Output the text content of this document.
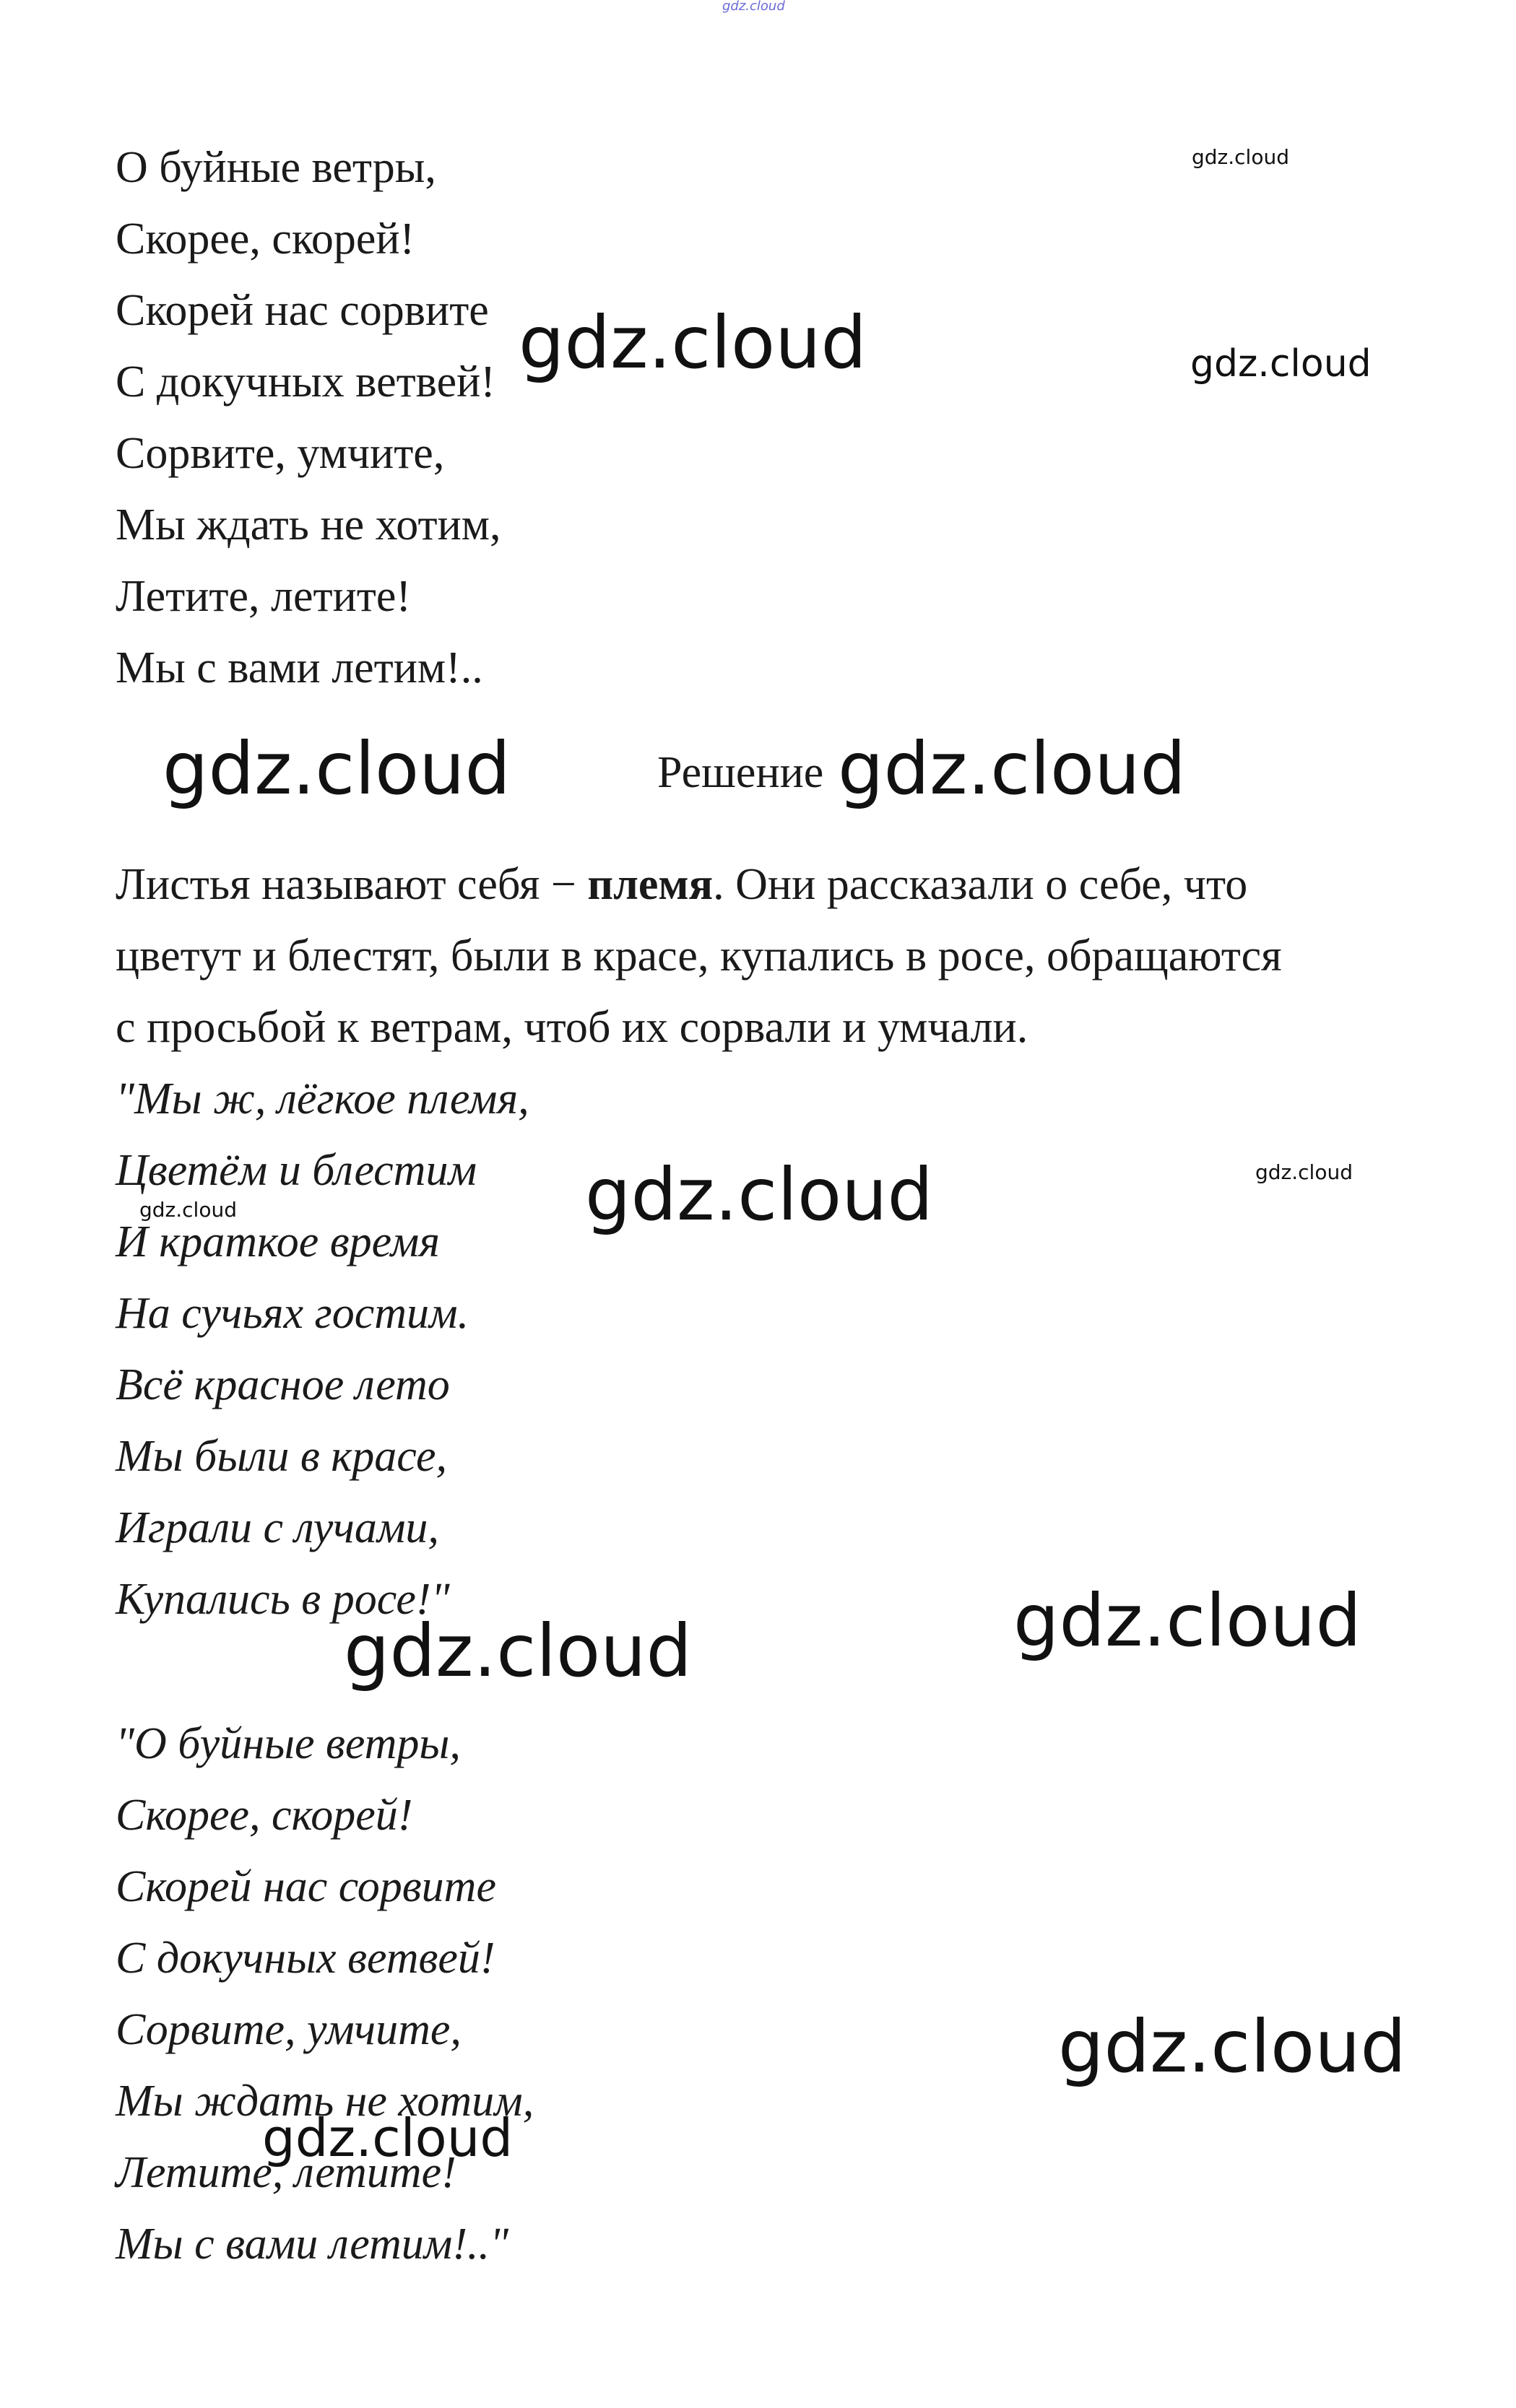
gdz.cloud
О буйные ветры,
Скорее, скорей!
Скорей нас сорвите
С докучных ветвей!
Сорвите, умчите,
Мы ждать не хотим,
Летите, летите!
Мы с вами летим!..
Решение
Листья называют себя − племя. Они рассказали о себе, что
цветут и блестят, были в красе, купались в росе, обращаются
с просьбой к ветрам, чтоб их сорвали и умчали.
"Мы ж, лёгкое племя,
Цветём и блестим
И краткое время
На сучьях гостим.
Всё красное лето
Мы были в красе,
Играли с лучами,
Купались в росе!"
"О буйные ветры,
Скорее, скорей!
Скорей нас сорвите
С докучных ветвей!
Сорвите, умчите,
Мы ждать не хотим,
Летите, летите!
Мы с вами летим!.."
gdz.cloud
gdz.cloud	gdz.cloud
gdz.cloud	gdz.cloud
gdz.cloud
gdz.cloud	gdz.cloud
gdz.cloud
gdz.cloud
gdz.cloud
gdz.cloud
